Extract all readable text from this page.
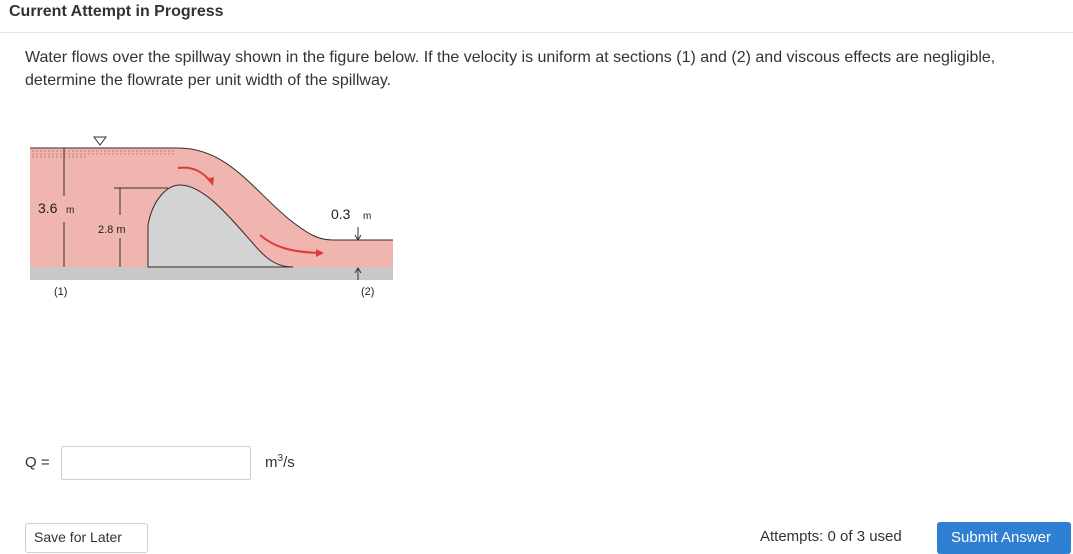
Current Attempt in Progress
Water flows over the spillway shown in the figure below. If the velocity is uniform at sections (1) and (2) and viscous effects are negligible, determine the flowrate per unit width of the spillway.
3.6 m
2.8 m
0.3 m
(1)	(2)
Q =	$m^3/s$
Save for Later	Attempts: 0 of 3 used	Submit Answer
